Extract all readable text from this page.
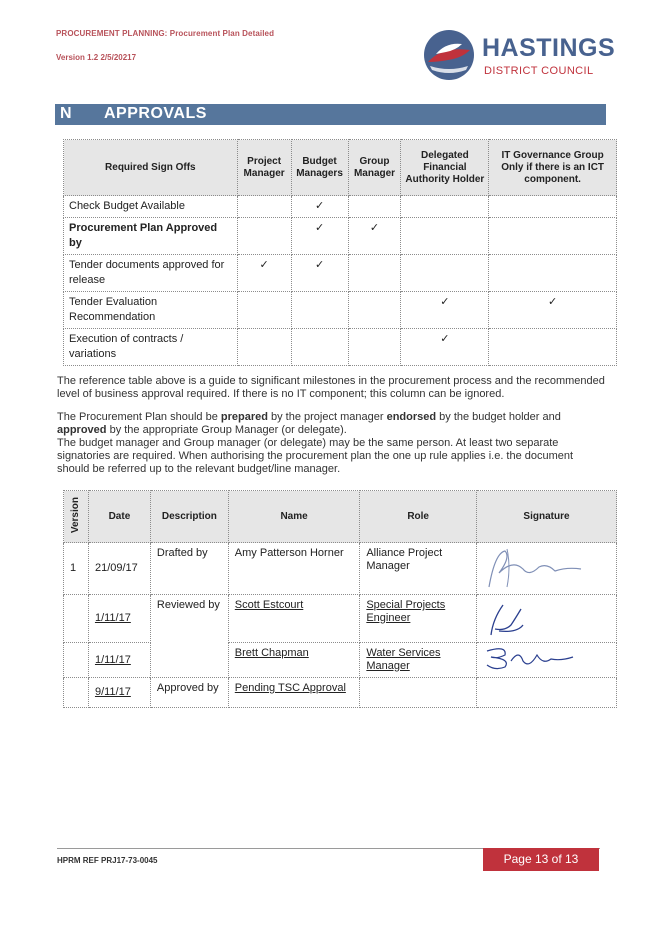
PROCUREMENT PLANNING: Procurement Plan Detailed
Version 1.2 2/5/20217	HASTINGS
DISTRICT COUNCIL
N APPROVALS
Required Sign Offs	Project Manager	Budget Managers	Group Manager	Delegated Financial Authority Holder	IT Governance Group Only if there is an ICT component.
Check Budget Available		✓			
Procurement Plan Approved by		✓	✓		
Tender documents approved for release	✓	✓			
Tender Evaluation Recommendation				✓	✓
Execution of contracts / variations				✓	
The reference table above is a guide to significant milestones in the procurement process and the recommended level of business approval required. If there is no IT component; this column can be ignored.
The Procurement Plan should be prepared by the project manager endorsed by the budget holder and approved by the appropriate Group Manager (or delegate).
The budget manager and Group manager (or delegate) may be the same person. At least two separate signatories are required. When authorising the procurement plan the one up rule applies i.e. the document should be referred up to the relevant budget/line manager.
Version	Date	Description	Name	Role	Signature
1	21/09/17	Drafted by	Amy Patterson Horner	Alliance Project Manager	

	1/11/17	Reviewed by	Scott Estcourt	Special Projects Engineer	

	1/11/17		Brett Chapman	Water Services Manager	

	9/11/17	Approved by	Pending TSC Approval		
HPRM REF PRJ17-73-0045	Page 13 of 13
